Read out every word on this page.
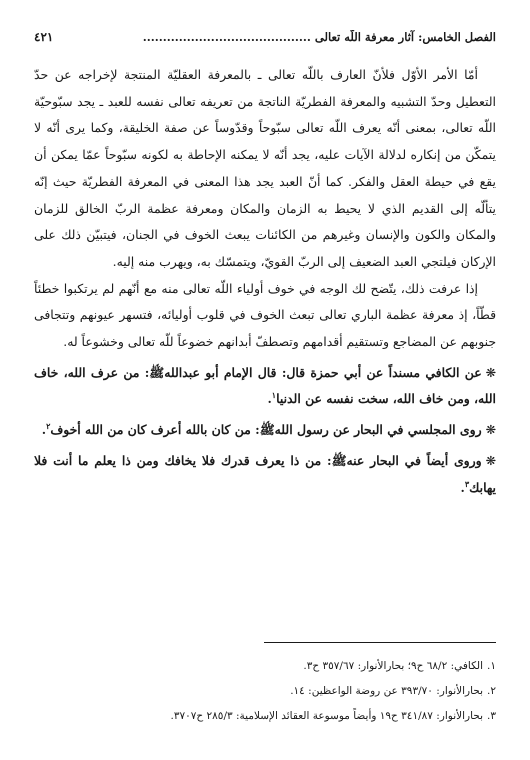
الفصل الخامس: آثار معرفة اللّه تعالى ..........................................
٤٢١

أمّا الأمر الأوّل فلأنّ العارف باللّه تعالى ـ بالمعرفة العقليّة المنتجة لإخراجه عن حدّ التعطيل وحدّ التشبيه والمعرفة الفطريّة الناتجة من تعريفه تعالى نفسه للعبد ـ يجد سبّوحيّة اللّه تعالى، بمعنى أنّه يعرف اللّه تعالى سبّوحاً وقدّوساً عن صفة الخليقة، وكما يرى أنّه لا يتمكّن من إنكاره لدلالة الآيات عليه، يجد أنّه لا يمكنه الإحاطة به لكونه سبّوحاً عمّا يمكن أن يقع في حيطة العقل والفكر. كما أنّ العبد يجد هذا المعنى في المعرفة الفطريّة حيث إنّه يتألّه إلى القديم الذي لا يحيط به الزمان والمكان ومعرفة عظمة الربّ الخالق للزمان والمكان والكون والإنسان وغيرهم من الكائنات يبعث الخوف في الجنان، فيتبيّن ذلك على الإركان فيلتجي العبد الضعيف إلى الربّ القويّ، ويتمسّك به، ويهرب منه إليه.

إذا عرفت ذلك، يتّضح لك الوجه في خوف أولياء اللّه تعالى منه مع أنّهم لم يرتكبوا خطئاً قطّاً، إذ معرفة عظمة الباري تعالى تبعث الخوف في قلوب أوليائه، فتسهر عيونهم وتتجافى جنوبهم عن المضاجع وتستقيم أقدامهم وتصطفّ أبدانهم خضوعاً للّه تعالى وخشوعاً له.

❋عن الكافي مسنداً عن أبي حمزة قال: قال الإمام أبو عبداللهﷺ: من عرف الله، خاف الله، ومن خاف الله، سخت نفسه عن الدنيا$^١$.

❋روى المجلسي في البحار عن رسول اللهﷺ: من كان بالله أعرف كان من الله أخوف$^٢$.

❋وروى أيضاً في البحار عنهﷺ: من ذا يعرف قدرك فلا يخافك ومن ذا يعلم ما أنت فلا يهابك$^٣$.

١.الكافي: ٦٨/٢ ح٩؛ بحارالأنوار: ٣٥٧/٦٧ ح٣.
٢.بحارالأنوار: ٣٩٣/٧٠ عن روضة الواعظين: ١٤.
٣.بحارالأنوار: ٣٤١/٨٧ ح١٩ وأيضاً موسوعة العقائد الإسلامية: ٢٨٥/٣ ح٣٧٠٧.
